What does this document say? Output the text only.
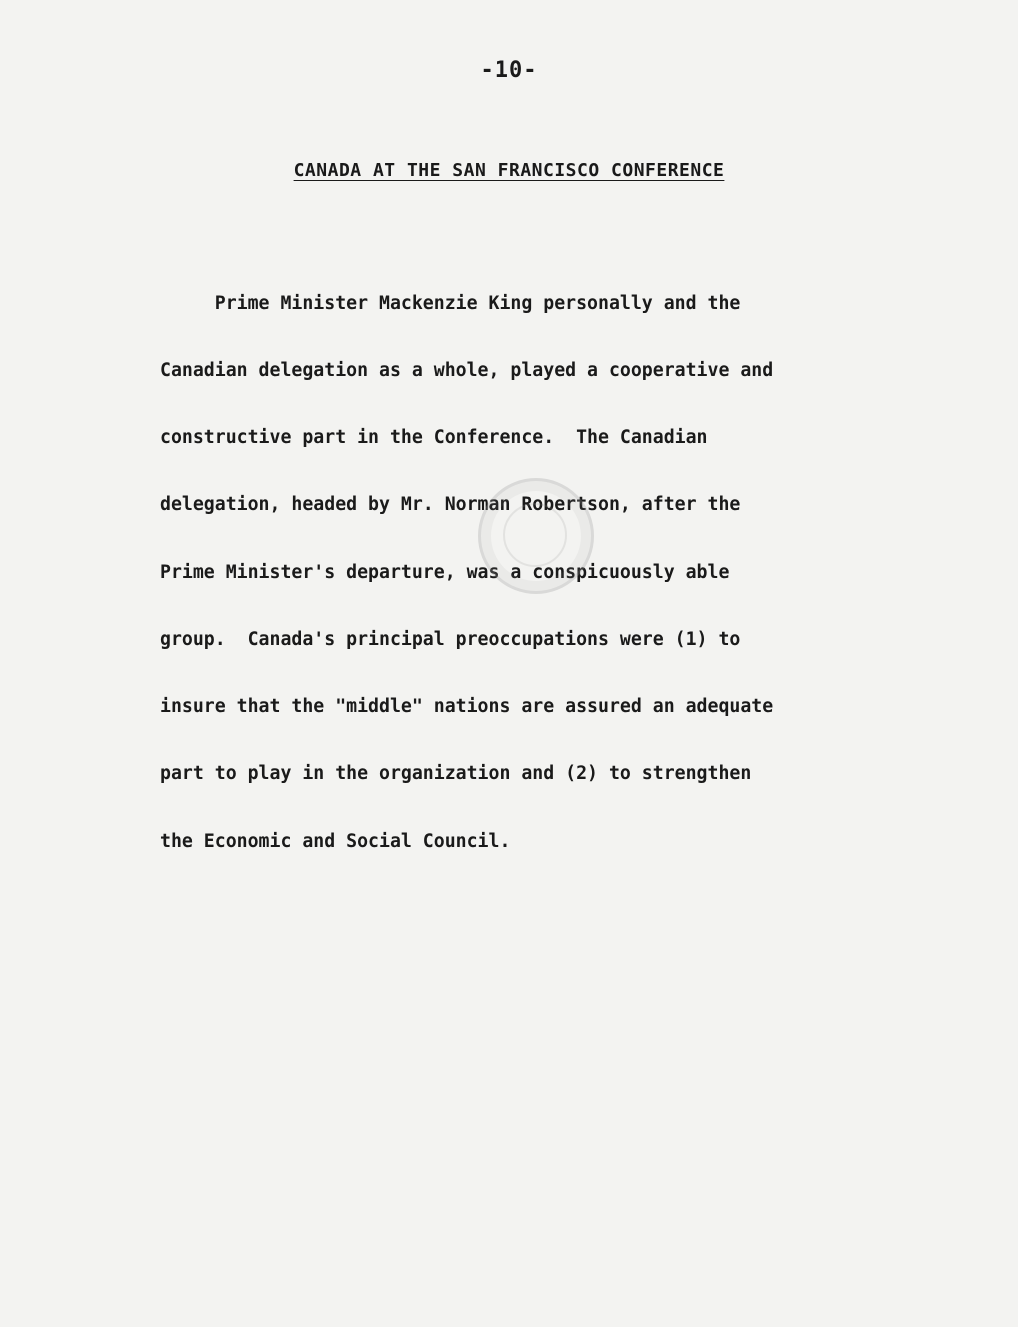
-10-
CANADA AT THE SAN FRANCISCO CONFERENCE

Prime Minister Mackenzie King personally and the

Canadian delegation as a whole, played a cooperative and

constructive part in the Conference.  The Canadian

delegation, headed by Mr. Norman Robertson, after the

Prime Minister's departure, was a conspicuously able

group.  Canada's principal preoccupations were (1) to

insure that the "middle" nations are assured an adequate

part to play in the organization and (2) to strengthen

the Economic and Social Council.
